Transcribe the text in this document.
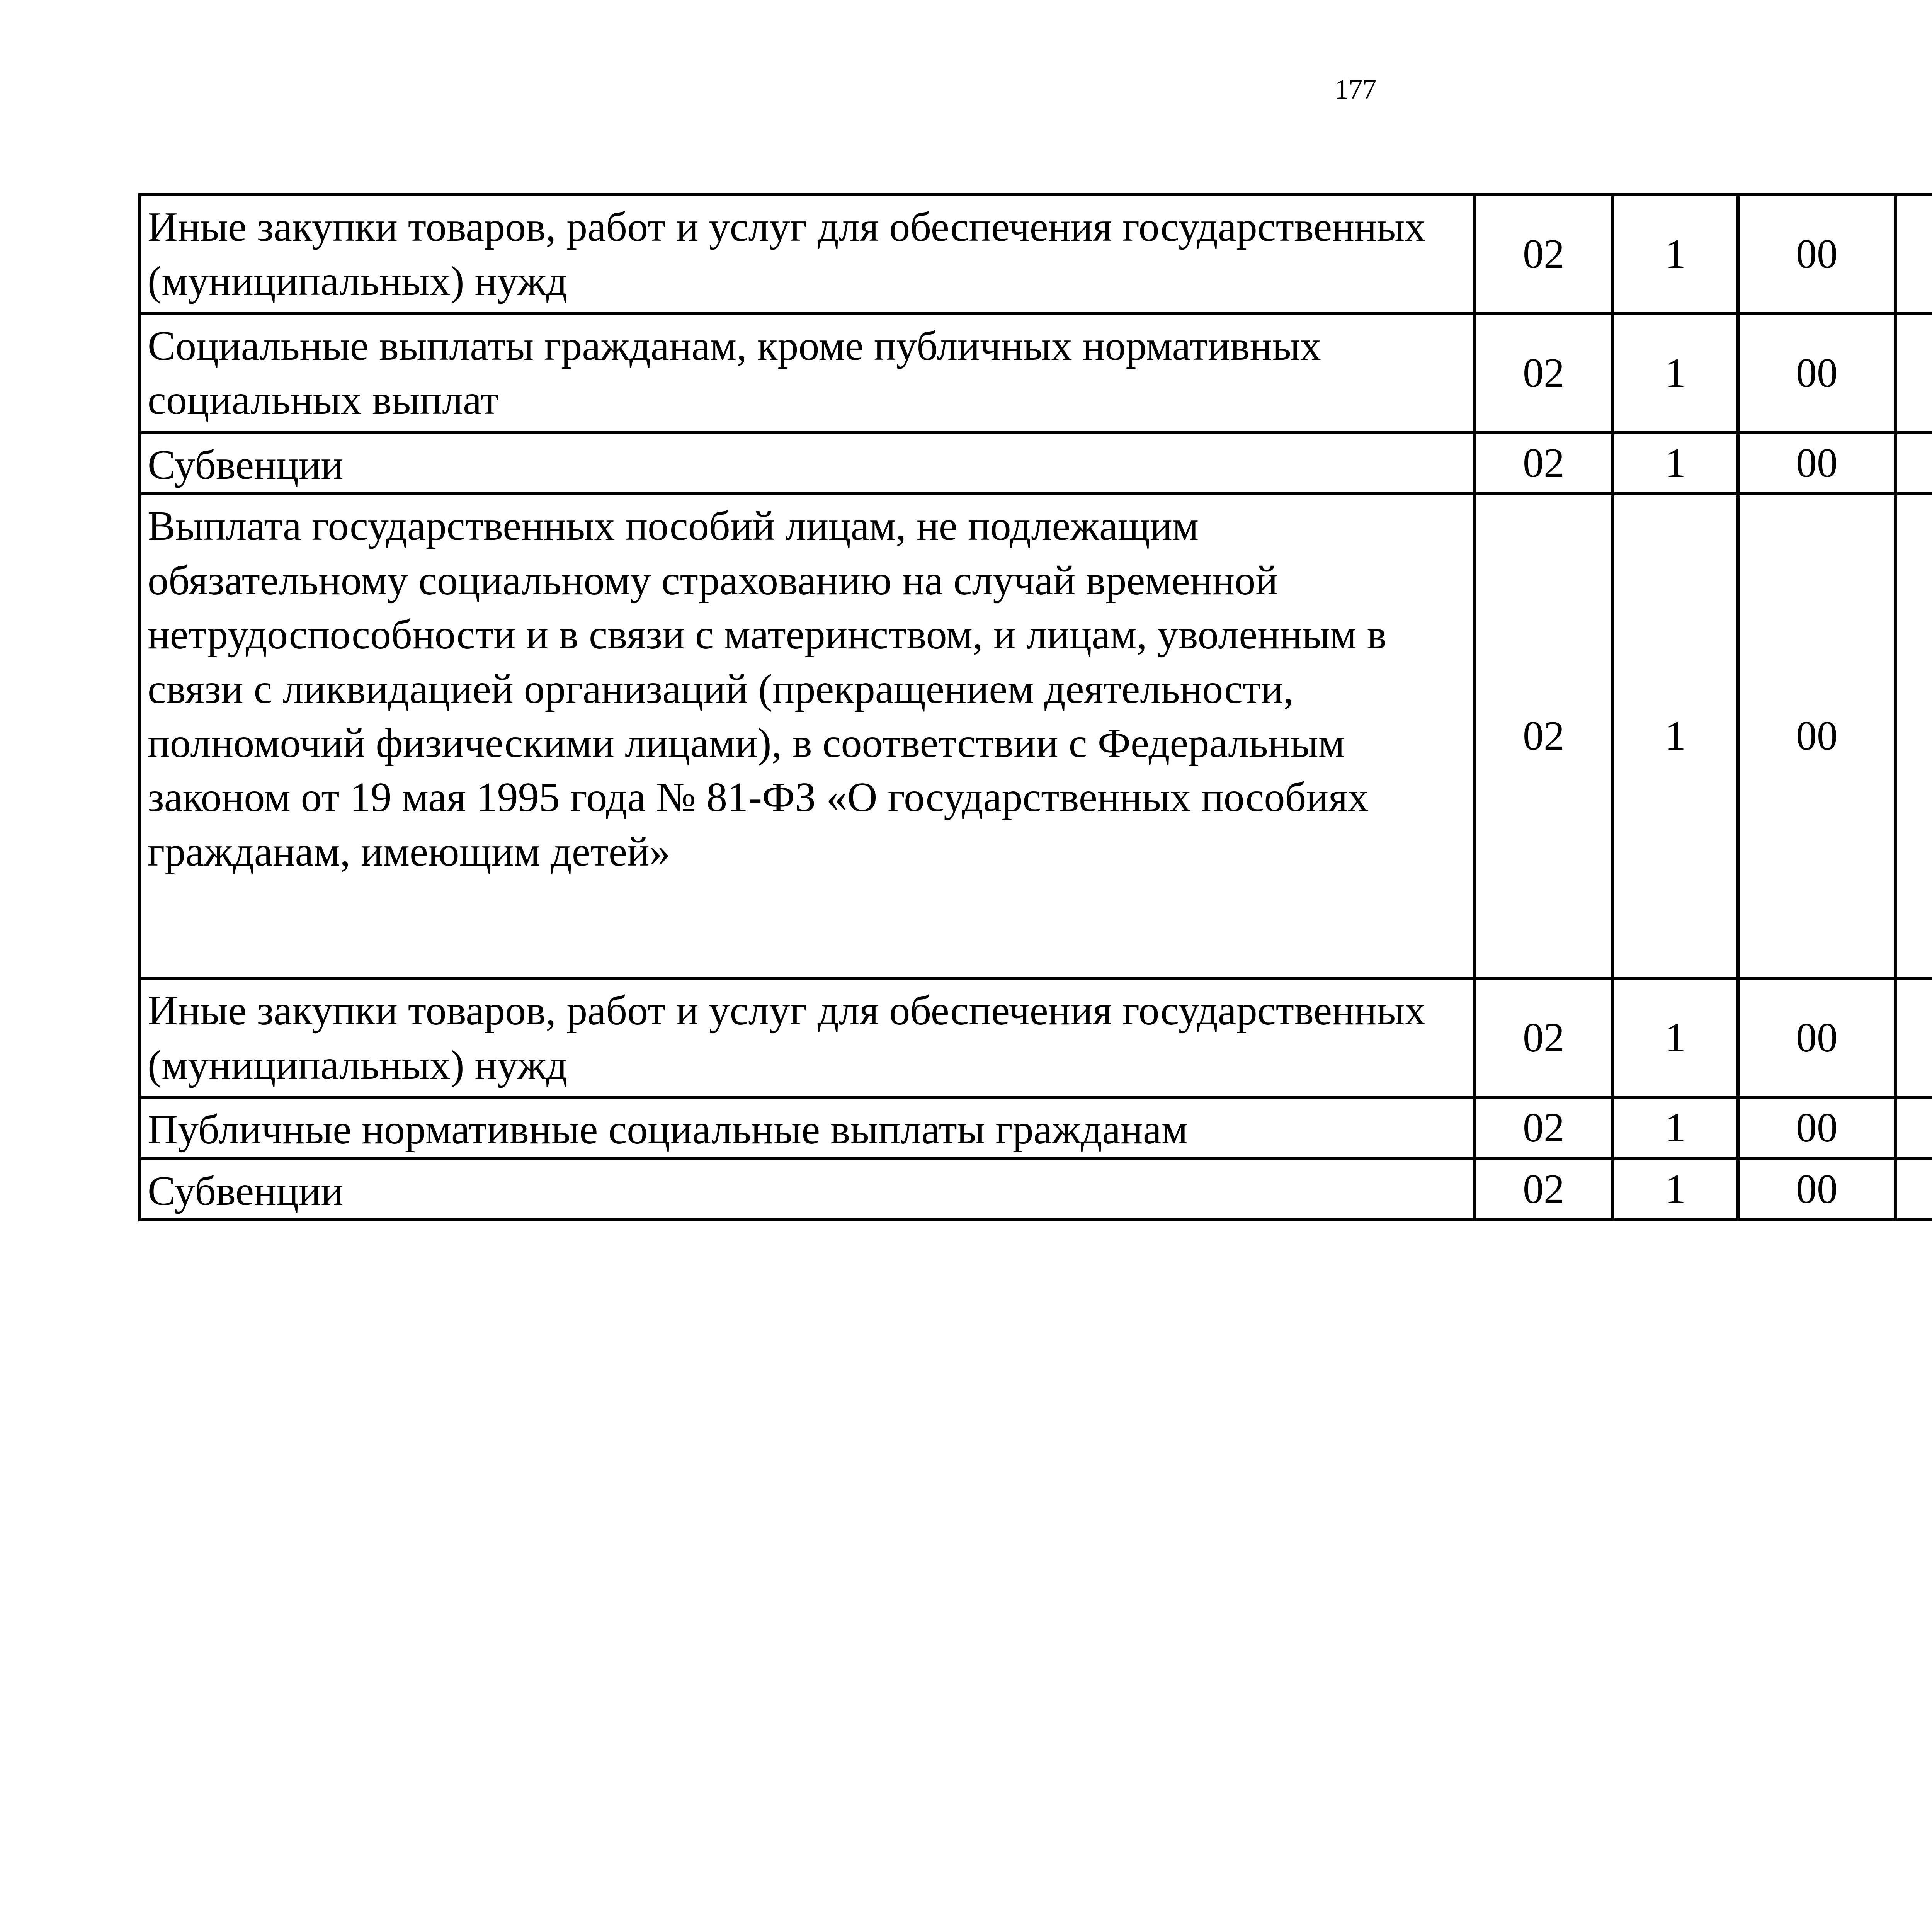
177
Иные закупки товаров, работ и услуг для обеспечения государственных (муниципальных) нужд	02	1	00			
Социальные выплаты гражданам, кроме публичных нормативных социальных выплат	02	1	00			
Субвенции	02	1	00			
Выплата государственных пособий лицам, не подлежащим обязательному социальному страхованию на случай временной нетрудоспособности и в связи с материнством, и лицам, уволенным в связи с ликвидацией организаций (прекращением деятельности, полномочий физическими лицами), в соответствии с Федеральным законом от 19 мая 1995 года № 81-ФЗ «О государственных пособиях гражданам, имеющим детей»	02	1	00			
Иные закупки товаров, работ и услуг для обеспечения государственных (муниципальных) нужд	02	1	00			
Публичные нормативные социальные выплаты гражданам	02	1	00			
Субвенции	02	1	00			
